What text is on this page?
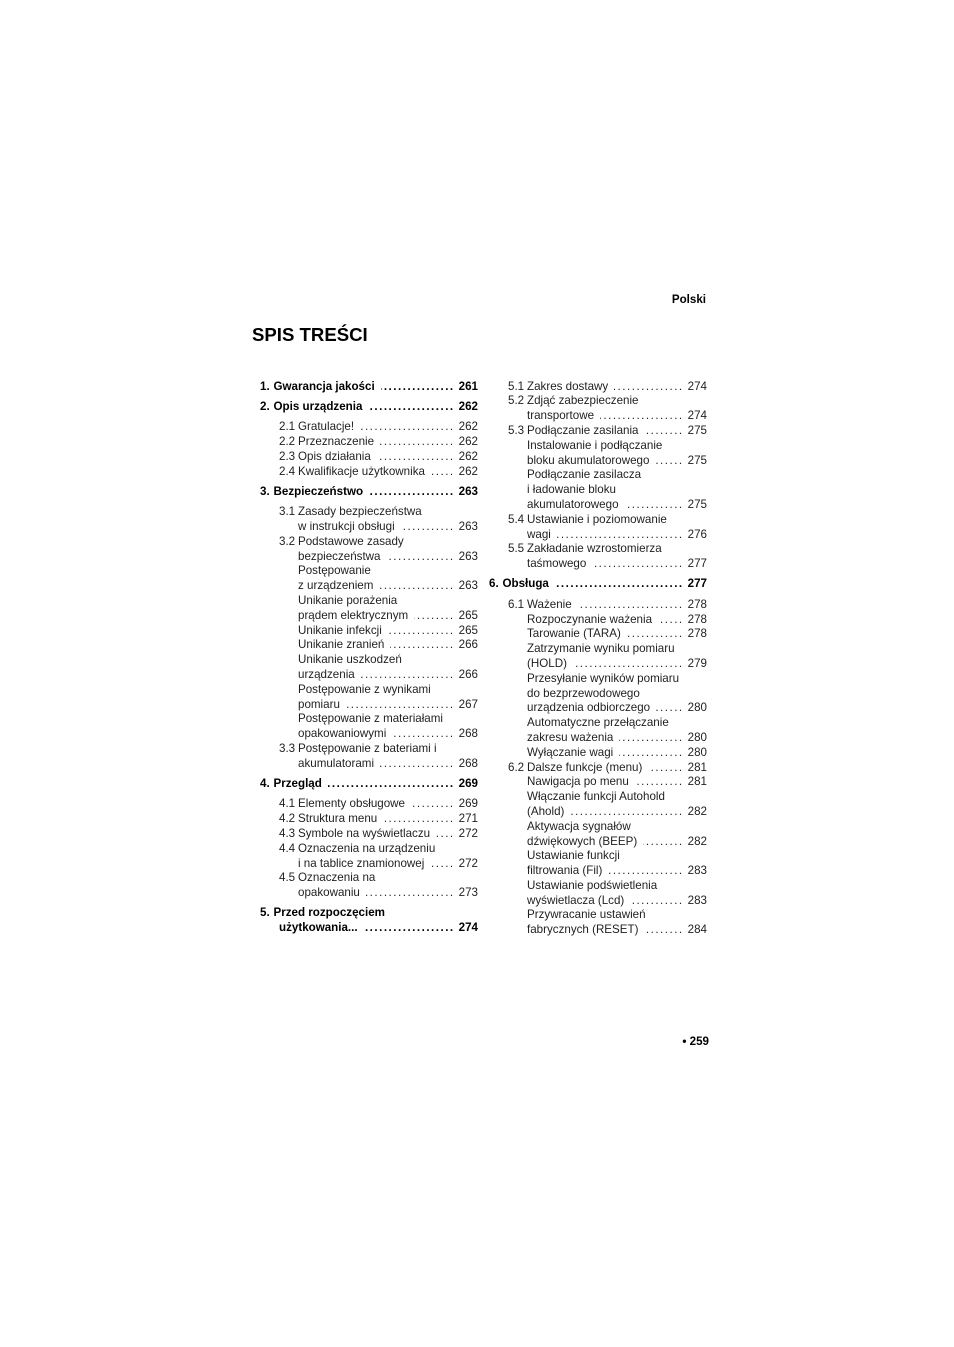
Polski
SPIS TREŚCI
1. Gwarancja jakości .....	261
2. Opis urządzenia .....	262
2.1 Gratulacje! .....	262
2.2 Przeznaczenie .....	262
2.3 Opis działania .....	262
2.4 Kwalifikacje użytkownika .....	262
3. Bezpieczeństwo .....	263
3.1 Zasady bezpieczeństwa
w instrukcji obsługi .....	263
3.2 Podstawowe zasady
bezpieczeństwa .....	263
Postępowanie
z urządzeniem .....	263
Unikanie porażenia
prądem elektrycznym .....	265
Unikanie infekcji .....	265
Unikanie zranień .....	266
Unikanie uszkodzeń
urządzenia .....	266
Postępowanie z wynikami
pomiaru .....	267
Postępowanie z materiałami
opakowaniowymi .....	268
3.3 Postępowanie z bateriami i
akumulatorami .....	268
4. Przegląd .....	269
4.1 Elementy obsługowe .....	269
4.2 Struktura menu .....	271
4.3 Symbole na wyświetlaczu ..... 272
4.4 Oznaczenia na urządzeniu
i na tablice znamionowej .....	272
4.5 Oznaczenia na
opakowaniu .....	273
5. Przed rozpoczęciem
użytkowania... .....	274
5.1 Zakres dostawy .....	274
5.2 Zdjąć zabezpieczenie
transportowe .....	274
5.3 Podłączanie zasilania .....	275
Instalowanie i podłączanie
bloku akumulatorowego .....	275
Podłączanie zasilacza
i ładowanie bloku
akumulatorowego .....	275
5.4 Ustawianie i poziomowanie
wagi .....	276
5.5 Zakładanie wzrostomierza
taśmowego .....	277
6. Obsługa .....	277
6.1 Ważenie .....	278
Rozpoczynanie ważenia .....	278
Tarowanie (TARA) .....	278
Zatrzymanie wyniku pomiaru
(HOLD) .....	279
Przesyłanie wyników pomiaru
do bezprzewodowego
urządzenia odbiorczego .....	280
Automatyczne przełączanie
zakresu ważenia .....	280
Wyłączanie wagi .....	280
6.2 Dalsze funkcje (menu) .....	281
Nawigacja po menu .....	281
Włączanie funkcji Autohold
(Ahold) .....	282
Aktywacja sygnałów
dźwiękowych (BEEP) .....	282
Ustawianie funkcji
filtrowania (Fil) .....	283
Ustawianie podświetlenia
wyświetlacza (Lcd) .....	283
Przywracanie ustawień
fabrycznych (RESET) .....	284
• 259
